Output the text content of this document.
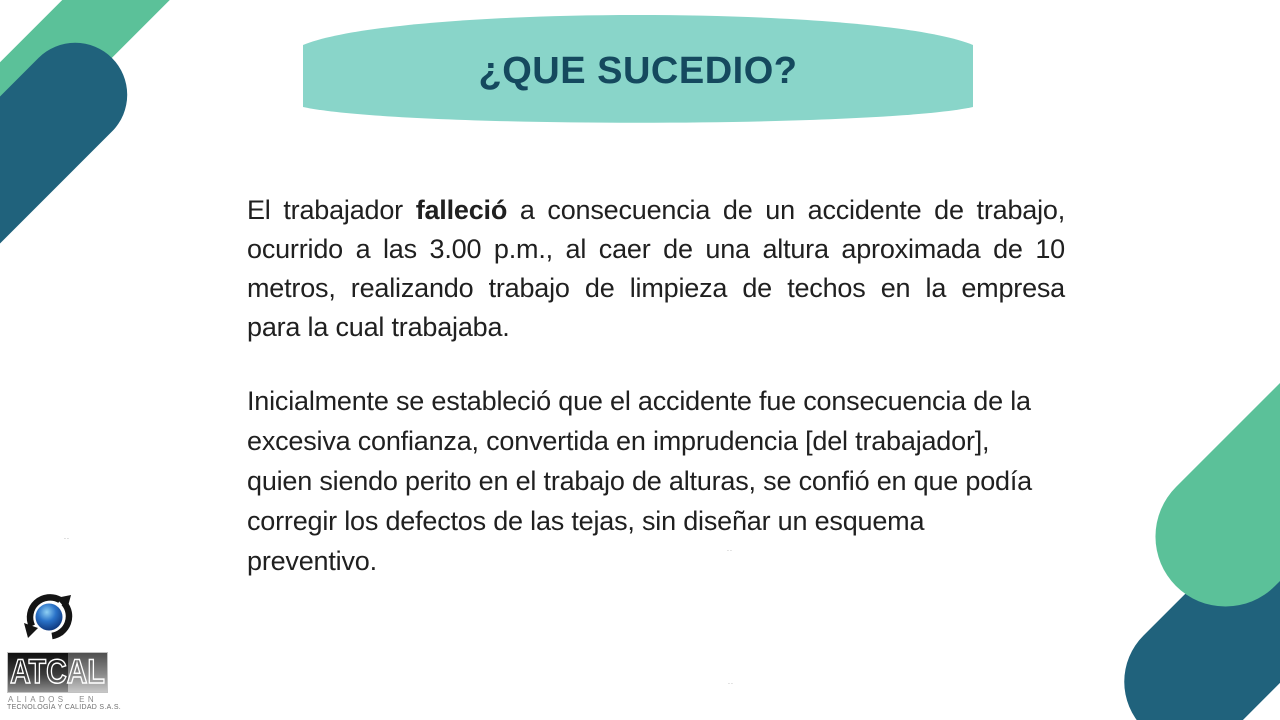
¿QUE SUCEDIO?
El trabajador falleció a consecuencia de un accidente de trabajo,
ocurrido a las 3.00 p.m., al caer de una altura aproximada de 10
metros, realizando trabajo de limpieza de techos en la empresa
para la cual trabajaba.
Inicialmente se estableció que el accidente fue consecuencia de la
excesiva confianza, convertida en imprudencia [del trabajador],
quien siendo perito en el trabajo de alturas, se confió en que podía
corregir los defectos de las tejas, sin diseñar un esquema
preventivo.
..
..
..
ATCAL
ALIADOS EN
TECNOLOGÍA Y CALIDAD S.A.S.
